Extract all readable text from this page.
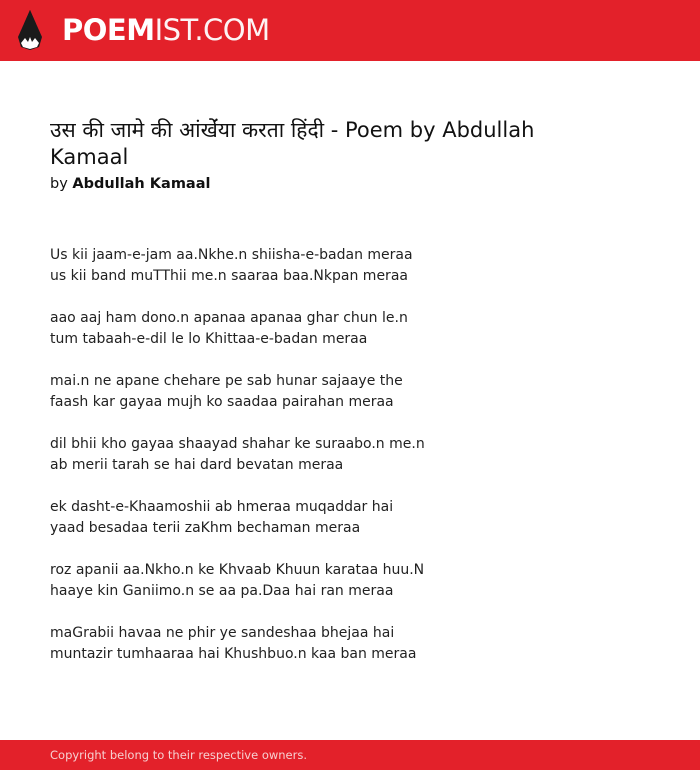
POEMIST.COM
उस की जामे की आंखेंंया करता हिंदी - Poem by Abdullah Kamaal
by Abdullah Kamaal

Us kii jaam-e-jam aa.Nkhe.n shiisha-e-badan meraa
us kii band muTThii me.n saaraa baa.Nkpan meraa

aao aaj ham dono.n apanaa apanaa ghar chun le.n
tum tabaah-e-dil le lo Khittaa-e-badan meraa

mai.n ne apane chehare pe sab hunar sajaaye the
faash kar gayaa mujh ko saadaa pairahan meraa

dil bhii kho gayaa shaayad shahar ke suraabo.n me.n
ab merii tarah se hai dard bevatan meraa

ek dasht-e-Khaamoshii ab hmeraa muqaddar hai
yaad besadaa terii zaKhm bechaman meraa

roz apanii aa.Nkho.n ke Khvaab Khuun karataa huu.N
haaye kin Ganiimo.n se aa pa.Daa hai ran meraa

maGrabii havaa ne phir ye sandeshaa bhejaa hai
muntazir tumhaaraa hai Khushbuo.n kaa ban meraa

Copyright belong to their respective owners.
